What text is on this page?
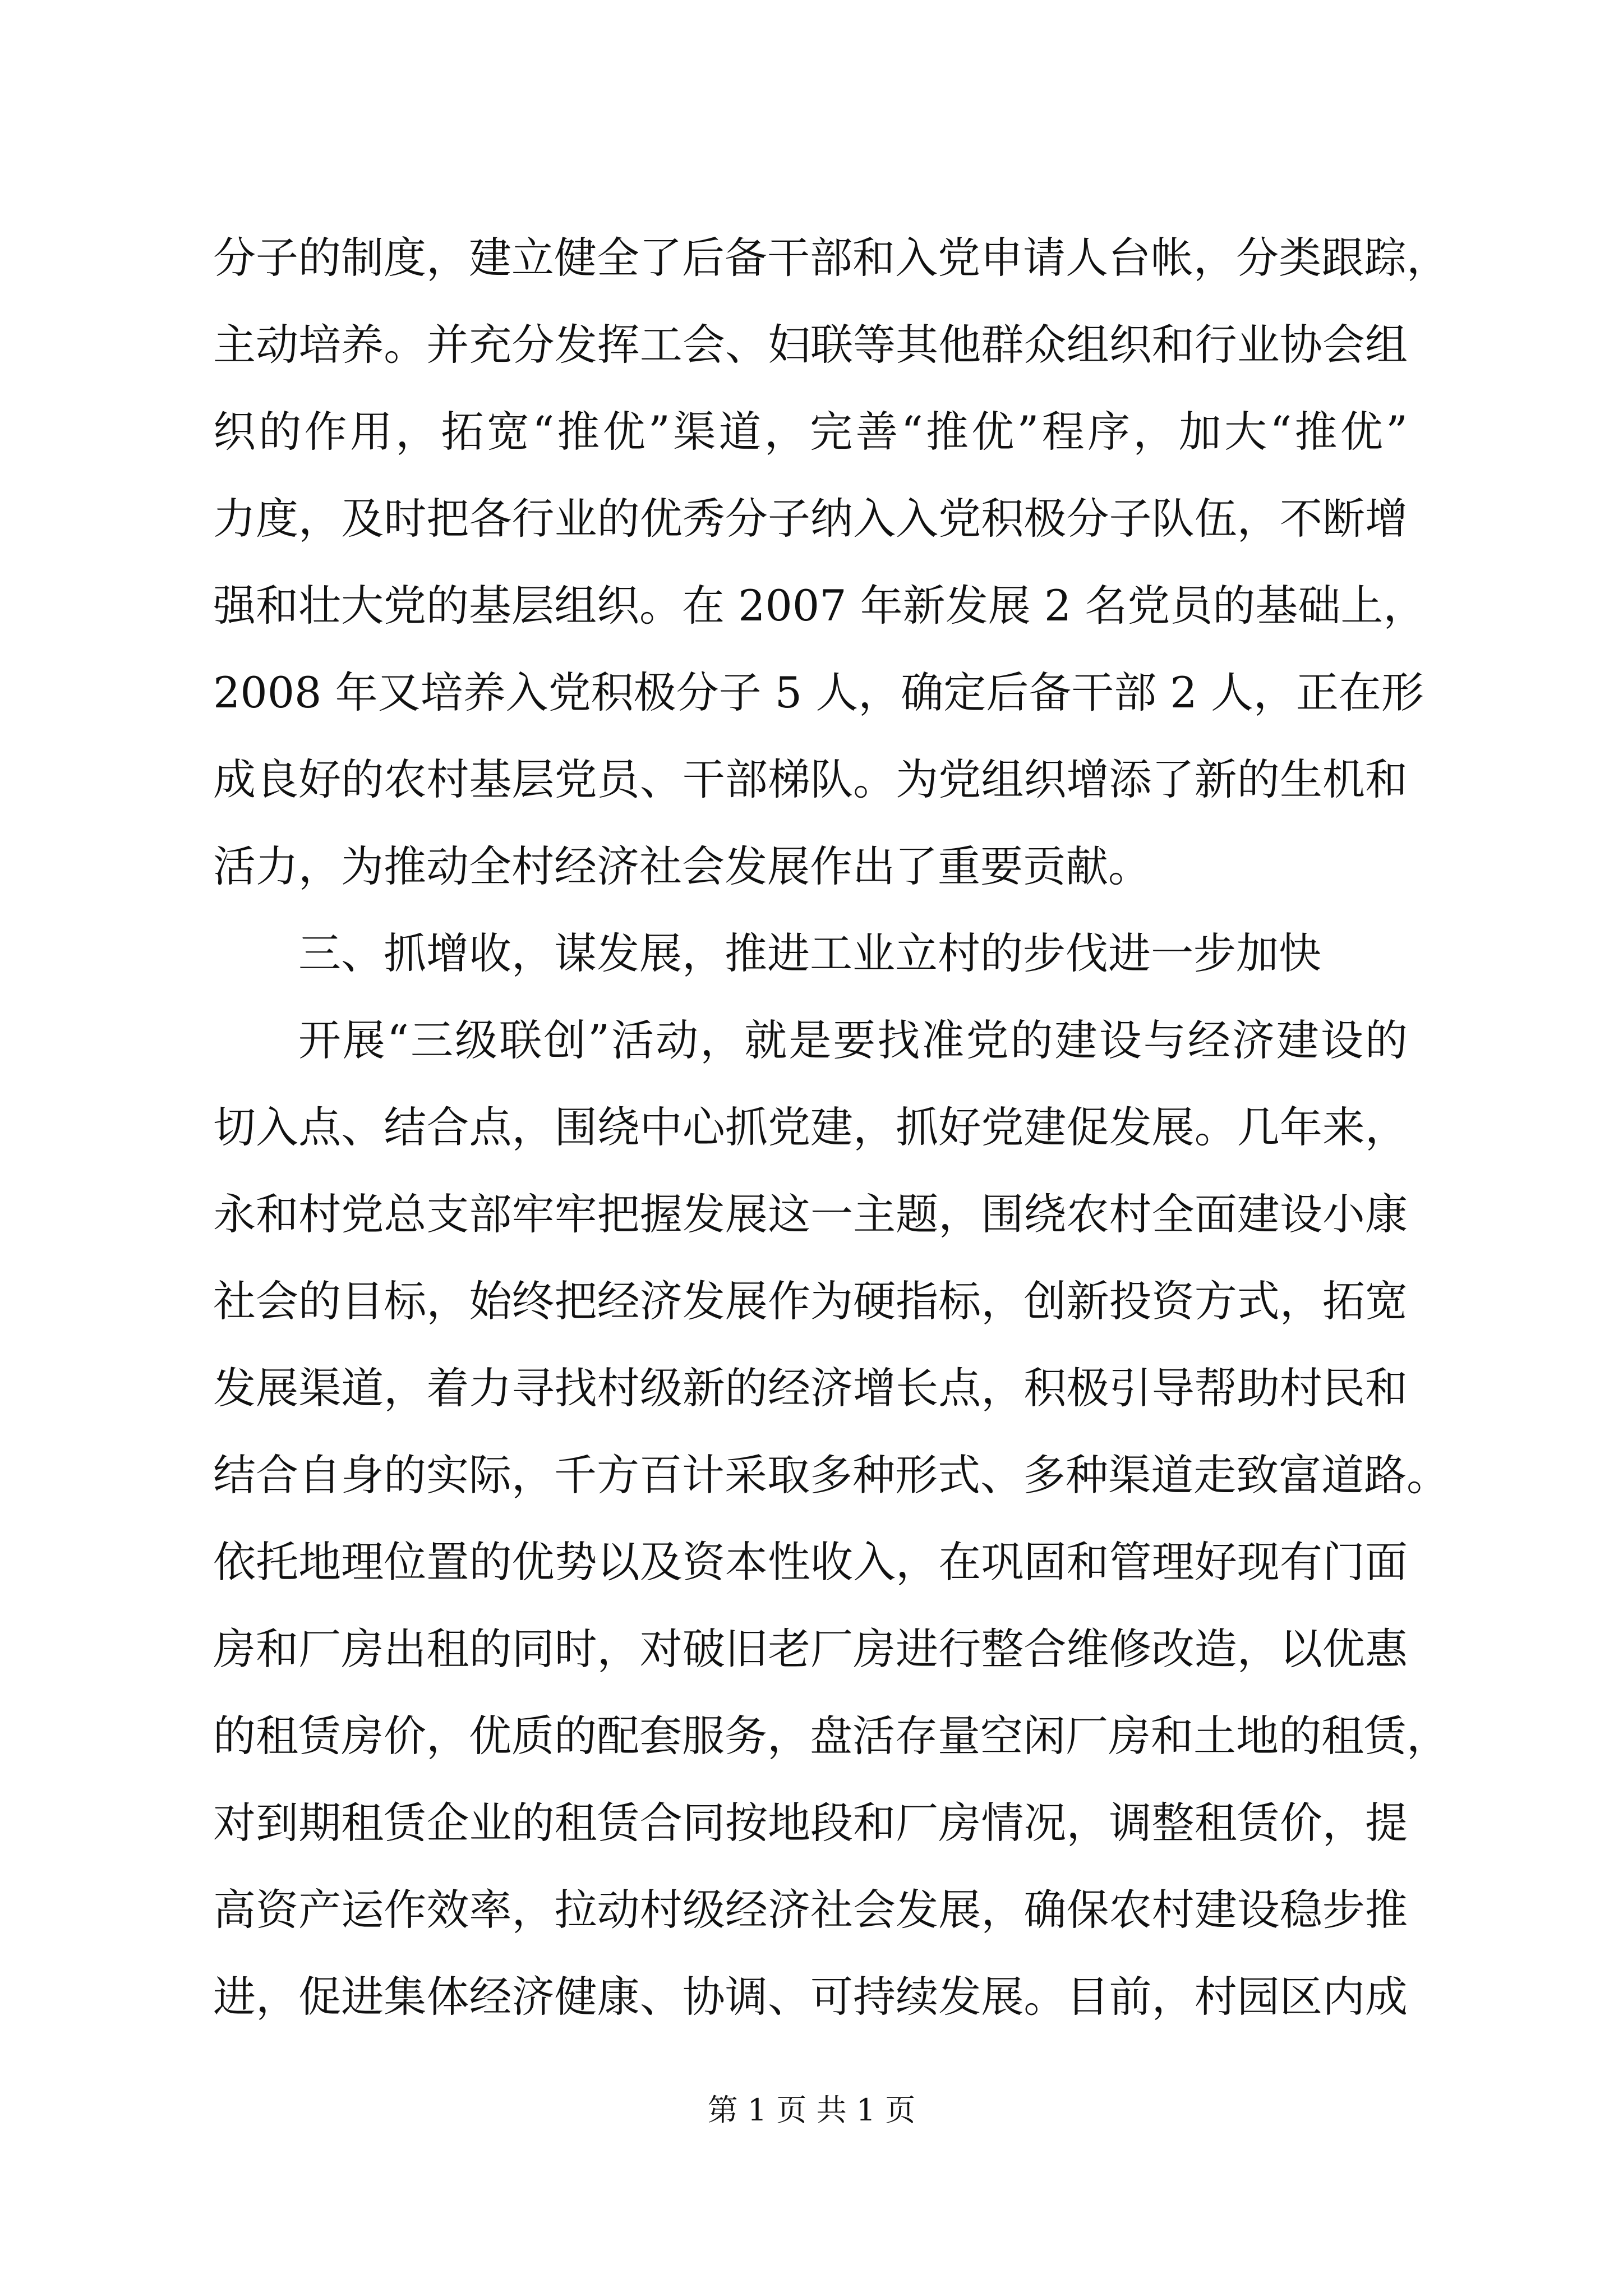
分子的制度，建立健全了后备干部和入党申请人台帐，分类跟踪，
主动培养。并充分发挥工会、妇联等其他群众组织和行业协会组
织的作用，拓宽“推优”渠道，完善“推优”程序，加大“推优”
力度，及时把各行业的优秀分子纳入入党积极分子队伍，不断增
强和壮大党的基层组织。在 2007 年新发展 2 名党员的基础上，
2008 年又培养入党积极分子 5 人，确定后备干部 2 人，正在形
成良好的农村基层党员、干部梯队。为党组织增添了新的生机和
活力，为推动全村经济社会发展作出了重要贡献。
三、抓增收，谋发展，推进工业立村的步伐进一步加快
开展“三级联创”活动，就是要找准党的建设与经济建设的
切入点、结合点，围绕中心抓党建，抓好党建促发展。几年来，
永和村党总支部牢牢把握发展这一主题，围绕农村全面建设小康
社会的目标，始终把经济发展作为硬指标，创新投资方式，拓宽
发展渠道，着力寻找村级新的经济增长点，积极引导帮助村民和
结合自身的实际，千方百计采取多种形式、多种渠道走致富道路。
依托地理位置的优势以及资本性收入，在巩固和管理好现有门面
房和厂房出租的同时，对破旧老厂房进行整合维修改造，以优惠
的租赁房价，优质的配套服务，盘活存量空闲厂房和土地的租赁，
对到期租赁企业的租赁合同按地段和厂房情况，调整租赁价，提
高资产运作效率，拉动村级经济社会发展，确保农村建设稳步推
进，促进集体经济健康、协调、可持续发展。目前，村园区内成
第 1 页 共 1 页
